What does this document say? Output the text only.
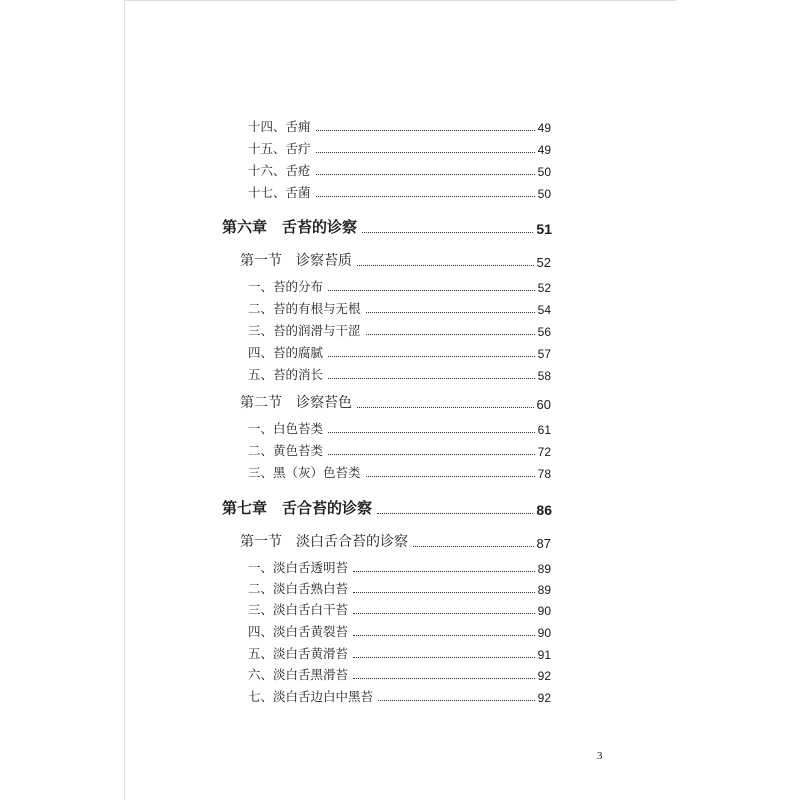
十四、舌痈	49
十五、舌疔	49
十六、舌疮	50
十七、舌菌	50
第六章　舌苔的诊察	51
第一节　诊察苔质	52
一、苔的分布	52
二、苔的有根与无根	54
三、苔的润滑与干涩	56
四、苔的腐腻	57
五、苔的消长	58
第二节　诊察苔色	60
一、白色苔类	61
二、黄色苔类	72
三、黑（灰）色苔类	78
第七章　舌合苔的诊察	86
第一节　淡白舌合苔的诊察	87
一、淡白舌透明苔	89
二、淡白舌熟白苔	89
三、淡白舌白干苔	90
四、淡白舌黄裂苔	90
五、淡白舌黄滑苔	91
六、淡白舌黑滑苔	92
七、淡白舌边白中黑苔	92
3
